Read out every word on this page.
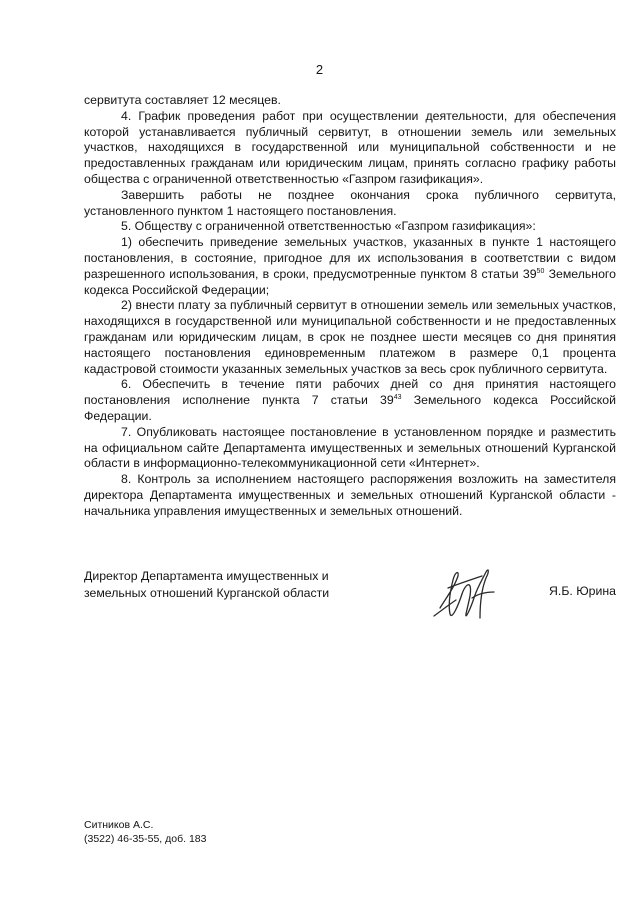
2

сервитута составляет 12 месяцев.

4. График проведения работ при осуществлении деятельности, для обеспечения которой устанавливается публичный сервитут, в отношении земель или земельных участков, находящихся в государственной или муниципальной собственности и не предоставленных гражданам или юридическим лицам, принять согласно графику работы общества с ограниченной ответственностью «Газпром газификация».

Завершить работы не позднее окончания срока публичного сервитута, установленного пунктом 1 настоящего постановления.

5. Обществу с ограниченной ответственностью «Газпром газификация»:

1) обеспечить приведение земельных участков, указанных в пункте 1 настоящего постановления, в состояние, пригодное для их использования в соответствии с видом разрешенного использования, в сроки, предусмотренные пунктом 8 статьи $39^{50}$ Земельного кодекса Российской Федерации;

2) внести плату за публичный сервитут в отношении земель или земельных участков, находящихся в государственной или муниципальной собственности и не предоставленных гражданам или юридическим лицам, в срок не позднее шести месяцев со дня принятия настоящего постановления единовременным платежом в размере 0,1 процента кадастровой стоимости указанных земельных участков за весь срок публичного сервитута.

6. Обеспечить в течение пяти рабочих дней со дня принятия настоящего постановления исполнение пункта 7 статьи $39^{43}$ Земельного кодекса Российской Федерации.

7. Опубликовать настоящее постановление в установленном порядке и разместить на официальном сайте Департамента имущественных и земельных отношений Курганской области в информационно-телекоммуникационной сети «Интернет».

8. Контроль за исполнением настоящего распоряжения возложить на заместителя директора Департамента имущественных и земельных отношений Курганской области - начальника управления имущественных и земельных отношений.

Директор Департамента имущественных и
земельных отношений Курганской области	Я.Б. Юрина
Ситников А.С.
(3522) 46-35-55, доб. 183
